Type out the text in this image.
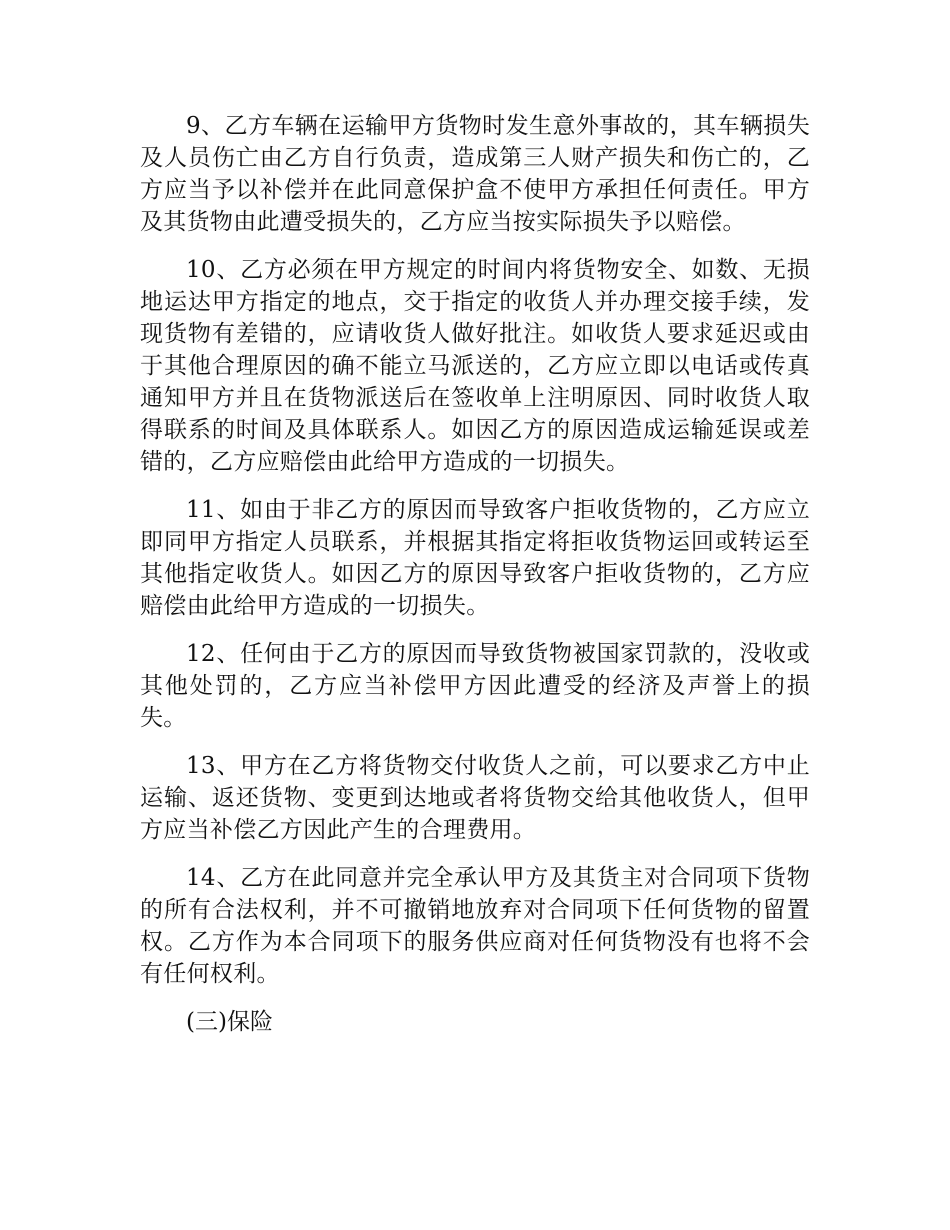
9、乙方车辆在运输甲方货物时发生意外事故的，其车辆损失及人员伤亡由乙方自行负责，造成第三人财产损失和伤亡的，乙方应当予以补偿并在此同意保护盒不使甲方承担任何责任。甲方及其货物由此遭受损失的，乙方应当按实际损失予以赔偿。

10、乙方必须在甲方规定的时间内将货物安全、如数、无损地运达甲方指定的地点，交于指定的收货人并办理交接手续，发现货物有差错的，应请收货人做好批注。如收货人要求延迟或由于其他合理原因的确不能立马派送的，乙方应立即以电话或传真通知甲方并且在货物派送后在签收单上注明原因、同时收货人取得联系的时间及具体联系人。如因乙方的原因造成运输延误或差错的，乙方应赔偿由此给甲方造成的一切损失。

11、如由于非乙方的原因而导致客户拒收货物的，乙方应立即同甲方指定人员联系，并根据其指定将拒收货物运回或转运至其他指定收货人。如因乙方的原因导致客户拒收货物的，乙方应赔偿由此给甲方造成的一切损失。

12、任何由于乙方的原因而导致货物被国家罚款的，没收或其他处罚的，乙方应当补偿甲方因此遭受的经济及声誉上的损失。

13、甲方在乙方将货物交付收货人之前，可以要求乙方中止运输、返还货物、变更到达地或者将货物交给其他收货人，但甲方应当补偿乙方因此产生的合理费用。

14、乙方在此同意并完全承认甲方及其货主对合同项下货物的所有合法权利，并不可撤销地放弃对合同项下任何货物的留置权。乙方作为本合同项下的服务供应商对任何货物没有也将不会有任何权利。

(三)保险
